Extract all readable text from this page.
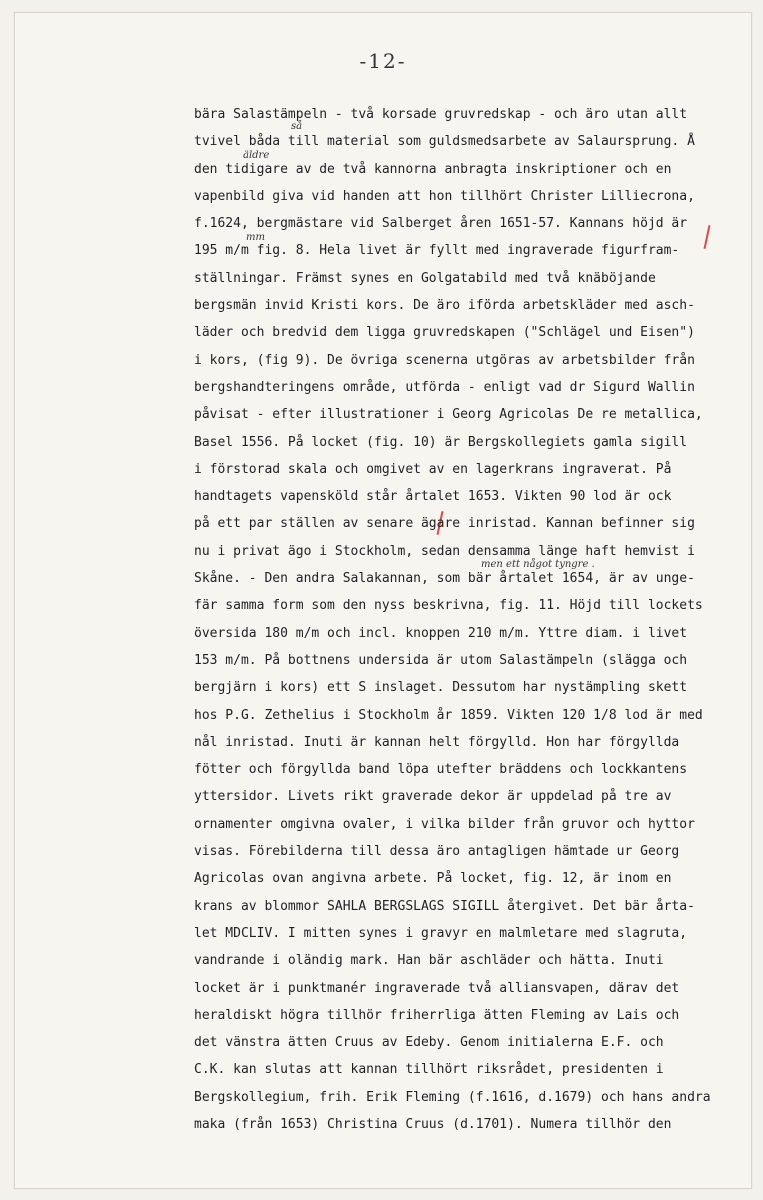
-12-
så
äldre
mm
men ett något tyngre .
bära Salastämpeln - två korsade gruvredskap - och äro utan allt
tvivel båda till material som guldsmedsarbete av Salaursprung. Å
den tidigare av de två kannorna anbragta inskriptioner och en
vapenbild giva vid handen att hon tillhört Christer Lilliecrona,
f.1624, bergmästare vid Salberget åren 1651-57. Kannans höjd är
195 m/m fig. 8. Hela livet är fyllt med ingraverade figurfram-
ställningar. Främst synes en Golgatabild med två knäböjande
bergsmän invid Kristi kors. De äro iförda arbetskläder med asch-
läder och bredvid dem ligga gruvredskapen ("Schlägel und Eisen")
i kors, (fig 9). De övriga scenerna utgöras av arbetsbilder från
bergshandteringens område, utförda - enligt vad dr Sigurd Wallin
påvisat - efter illustrationer i Georg Agricolas De re metallica,
Basel 1556. På locket (fig. 10) är Bergskollegiets gamla sigill
i förstorad skala och omgivet av en lagerkrans ingraverat. På
handtagets vapensköld står årtalet 1653. Vikten 90 lod är ock
på ett par ställen av senare ägare inristad. Kannan befinner sig
nu i privat ägo i Stockholm, sedan densamma länge haft hemvist i
Skåne. - Den andra Salakannan, som bär årtalet 1654, är av unge-
fär samma form som den nyss beskrivna, fig. 11. Höjd till lockets
översida 180 m/m och incl. knoppen 210 m/m. Yttre diam. i livet
153 m/m. På bottnens undersida är utom Salastämpeln (slägga och
bergjärn i kors) ett S inslaget. Dessutom har nystämpling skett
hos P.G. Zethelius i Stockholm år 1859. Vikten 120 1/8 lod är med
nål inristad. Inuti är kannan helt förgylld. Hon har förgyllda
fötter och förgyllda band löpa utefter bräddens och lockkantens
yttersidor. Livets rikt graverade dekor är uppdelad på tre av
ornamenter omgivna ovaler, i vilka bilder från gruvor och hyttor
visas. Förebilderna till dessa äro antagligen hämtade ur Georg
Agricolas ovan angivna arbete. På locket, fig. 12, är inom en
krans av blommor SAHLA BERGSLAGS SIGILL återgivet. Det bär årta-
let MDCLIV. I mitten synes i gravyr en malmletare med slagruta,
vandrande i oländig mark. Han bär aschläder och hätta. Inuti
locket är i punktmanér ingraverade två alliansvapen, därav det
heraldiskt högra tillhör friherrliga ätten Fleming av Lais och
det vänstra ätten Cruus av Edeby. Genom initialerna E.F. och
C.K. kan slutas att kannan tillhört riksrådet, presidenten i
Bergskollegium, frih. Erik Fleming (f.1616, d.1679) och hans andra
maka (från 1653) Christina Cruus (d.1701). Numera tillhör den
